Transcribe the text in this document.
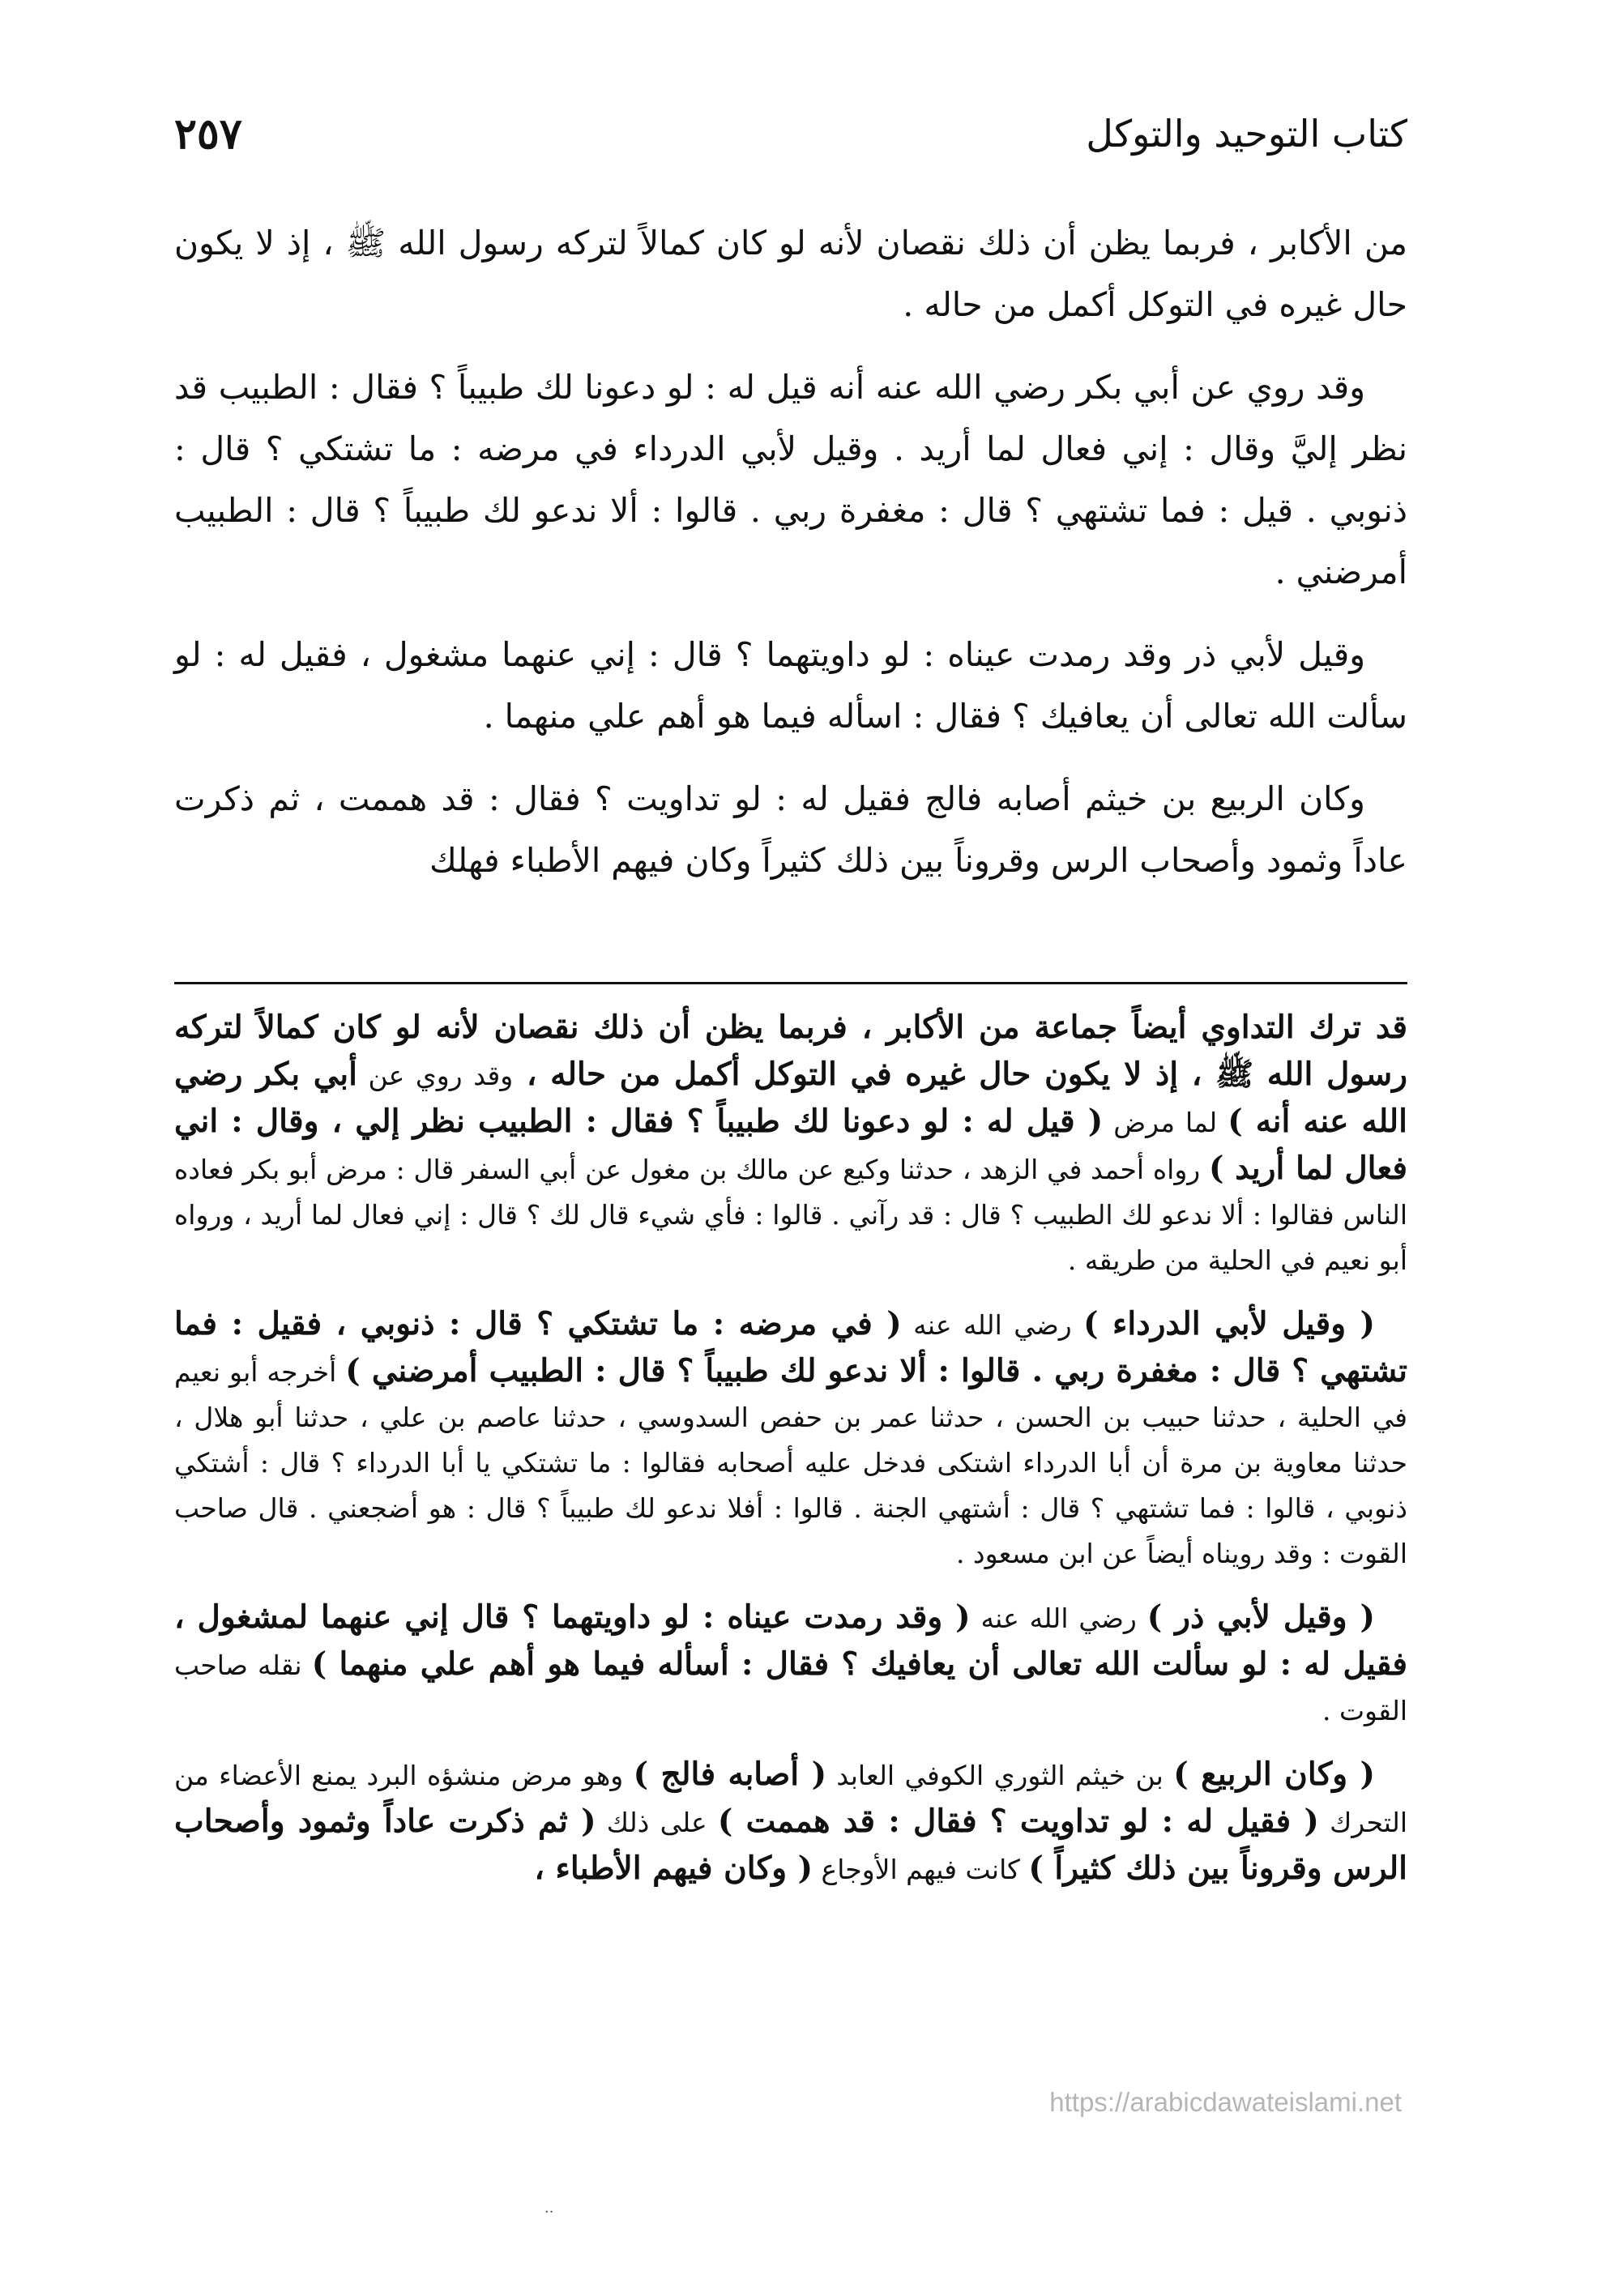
كتاب التوحيد والتوكل
٢٥٧

من الأكابر ، فربما يظن أن ذلك نقصان لأنه لو كان كمالاً لتركه رسول الله ﷺ ، إذ لا يكون حال غيره في التوكل أكمل من حاله .

وقد روي عن أبي بكر رضي الله عنه أنه قيل له : لو دعونا لك طبيباً ؟ فقال : الطبيب قد نظر إليَّ وقال : إني فعال لما أريد . وقيل لأبي الدرداء في مرضه : ما تشتكي ؟ قال : ذنوبي . قيل : فما تشتهي ؟ قال : مغفرة ربي . قالوا : ألا ندعو لك طبيباً ؟ قال : الطبيب أمرضني .

وقيل لأبي ذر وقد رمدت عيناه : لو داويتهما ؟ قال : إني عنهما مشغول ، فقيل له : لو سألت الله تعالى أن يعافيك ؟ فقال : اسأله فيما هو أهم علي منهما .

وكان الربيع بن خيثم أصابه فالج فقيل له : لو تداويت ؟ فقال : قد هممت ، ثم ذكرت عاداً وثمود وأصحاب الرس وقروناً بين ذلك كثيراً وكان فيهم الأطباء فهلك

قد ترك التداوي أيضاً جماعة من الأكابر ، فربما يظن أن ذلك نقصان لأنه لو كان كمالاً لتركه رسول الله ﷺ ، إذ لا يكون حال غيره في التوكل أكمل من حاله ، وقد روي عن أبي بكر رضي الله عنه أنه ) لما مرض ( قيل له : لو دعونا لك طبيباً ؟ فقال : الطبيب نظر إلي ، وقال : اني فعال لما أريد ) رواه أحمد في الزهد ، حدثنا وكيع عن مالك بن مغول عن أبي السفر قال : مرض أبو بكر فعاده الناس فقالوا : ألا ندعو لك الطبيب ؟ قال : قد رآني . قالوا : فأي شيء قال لك ؟ قال : إني فعال لما أريد ، ورواه أبو نعيم في الحلية من طريقه .

( وقيل لأبي الدرداء ) رضي الله عنه ( في مرضه : ما تشتكي ؟ قال : ذنوبي ، فقيل : فما تشتهي ؟ قال : مغفرة ربي . قالوا : ألا ندعو لك طبيباً ؟ قال : الطبيب أمرضني ) أخرجه أبو نعيم في الحلية ، حدثنا حبيب بن الحسن ، حدثنا عمر بن حفص السدوسي ، حدثنا عاصم بن علي ، حدثنا أبو هلال ، حدثنا معاوية بن مرة أن أبا الدرداء اشتكى فدخل عليه أصحابه فقالوا : ما تشتكي يا أبا الدرداء ؟ قال : أشتكي ذنوبي ، قالوا : فما تشتهي ؟ قال : أشتهي الجنة . قالوا : أفلا ندعو لك طبيباً ؟ قال : هو أضجعني . قال صاحب القوت : وقد رويناه أيضاً عن ابن مسعود .

( وقيل لأبي ذر ) رضي الله عنه ( وقد رمدت عيناه : لو داويتهما ؟ قال إني عنهما لمشغول ، فقيل له : لو سألت الله تعالى أن يعافيك ؟ فقال : أسأله فيما هو أهم علي منهما ) نقله صاحب القوت .

( وكان الربيع ) بن خيثم الثوري الكوفي العابد ( أصابه فالج ) وهو مرض منشؤه البرد يمنع الأعضاء من التحرك ( فقيل له : لو تداويت ؟ فقال : قد هممت ) على ذلك ( ثم ذكرت عاداً وثمود وأصحاب الرس وقروناً بين ذلك كثيراً ) كانت فيهم الأوجاع ( وكان فيهم الأطباء ،

https://arabicdawateislami.net
··
